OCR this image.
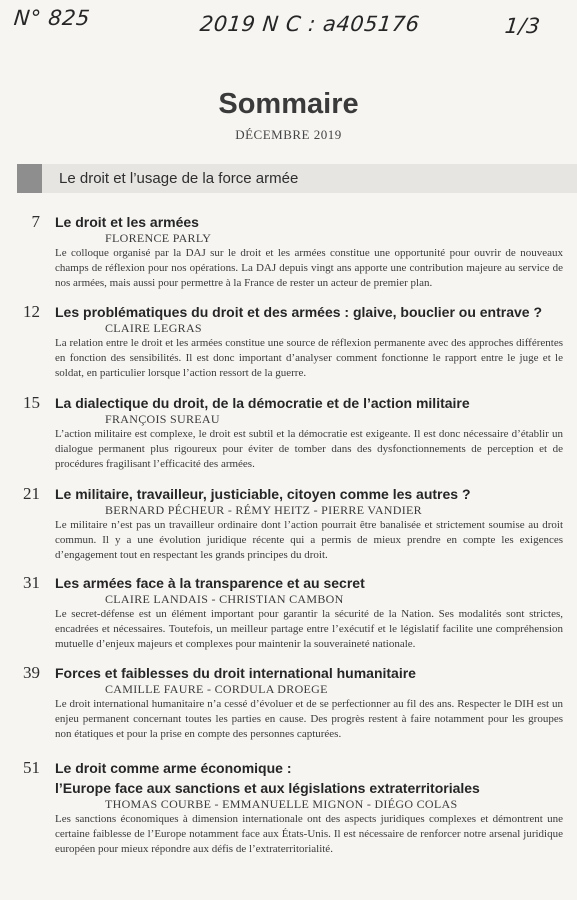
N° 825	2019 N C : a405176	1/3
Sommaire
DÉCEMBRE 2019
Le droit et l’usage de la force armée
7 Le droit et les armées
FLORENCE PARLY
Le colloque organisé par la DAJ sur le droit et les armées constitue une opportunité pour ouvrir de nouveaux champs de réflexion pour nos opérations. La DAJ depuis vingt ans apporte une contribution majeure au service de nos armées, mais aussi pour permettre à la France de rester un acteur de premier plan.
12 Les problématiques du droit et des armées : glaive, bouclier ou entrave ?
CLAIRE LEGRAS
La relation entre le droit et les armées constitue une source de réflexion permanente avec des approches différentes en fonction des sensibilités. Il est donc important d’analyser comment fonctionne le rapport entre le juge et le soldat, en particulier lorsque l’action ressort de la guerre.
15 La dialectique du droit, de la démocratie et de l’action militaire
FRANÇOIS SUREAU
L’action militaire est complexe, le droit est subtil et la démocratie est exigeante. Il est donc nécessaire d’établir un dialogue permanent plus rigoureux pour éviter de tomber dans des dysfonctionnements de perception et de procédures fragilisant l’efficacité des armées.
21 Le militaire, travailleur, justiciable, citoyen comme les autres ?
BERNARD PÉCHEUR - RÉMY HEITZ - PIERRE VANDIER
Le militaire n’est pas un travailleur ordinaire dont l’action pourrait être banalisée et strictement soumise au droit commun. Il y a une évolution juridique récente qui a permis de mieux prendre en compte les exigences d’engagement tout en respectant les grands principes du droit.
31 Les armées face à la transparence et au secret
CLAIRE LANDAIS - CHRISTIAN CAMBON
Le secret-défense est un élément important pour garantir la sécurité de la Nation. Ses modalités sont strictes, encadrées et nécessaires. Toutefois, un meilleur partage entre l’exécutif et le législatif facilite une compréhension mutuelle d’enjeux majeurs et complexes pour maintenir la souveraineté nationale.
39 Forces et faiblesses du droit international humanitaire
CAMILLE FAURE - CORDULA DROEGE
Le droit international humanitaire n’a cessé d’évoluer et de se perfectionner au fil des ans. Respecter le DIH est un enjeu permanent concernant toutes les parties en cause. Des progrès restent à faire notamment pour les groupes non étatiques et pour la prise en compte des personnes capturées.
51 Le droit comme arme économique :
l’Europe face aux sanctions et aux législations extraterritoriales
THOMAS COURBE - EMMANUELLE MIGNON - DIÉGO COLAS
Les sanctions économiques à dimension internationale ont des aspects juridiques complexes et démontrent une certaine faiblesse de l’Europe notamment face aux États-Unis. Il est nécessaire de renforcer notre arsenal juridique européen pour mieux répondre aux défis de l’extraterritorialité.
